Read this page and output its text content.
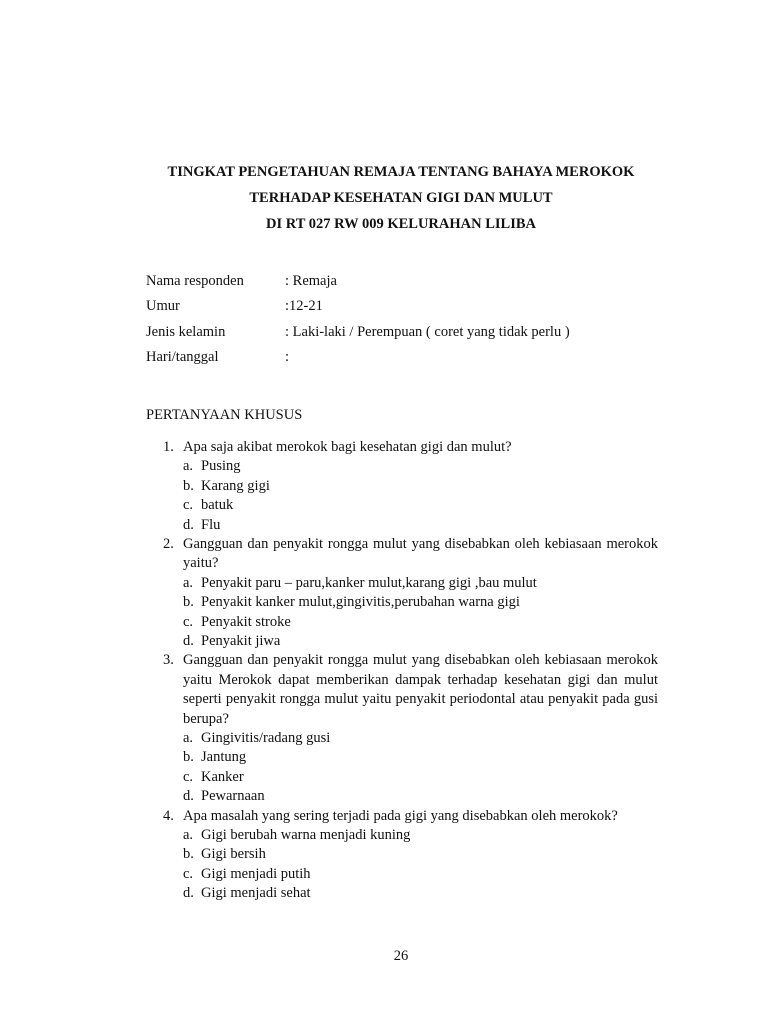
TINGKAT PENGETAHUAN REMAJA TENTANG BAHAYA MEROKOK
TERHADAP KESEHATAN GIGI DAN MULUT
DI RT 027 RW 009 KELURAHAN LILIBA
Nama responden	: Remaja
Umur	:12-21
Jenis kelamin	: Laki-laki / Perempuan ( coret yang tidak perlu )
Hari/tanggal	:
PERTANYAAN KHUSUS
1. Apa saja akibat merokok bagi kesehatan gigi dan mulut?
a. Pusing
b. Karang gigi
c. batuk
d. Flu
2. Gangguan dan penyakit rongga mulut yang disebabkan oleh kebiasaan merokok yaitu?
a. Penyakit paru – paru,kanker mulut,karang gigi ,bau mulut
b. Penyakit kanker mulut,gingivitis,perubahan warna gigi
c. Penyakit stroke
d. Penyakit jiwa
3. Gangguan dan penyakit rongga mulut yang disebabkan oleh kebiasaan merokok yaitu Merokok dapat memberikan dampak terhadap kesehatan gigi dan mulut seperti penyakit rongga mulut yaitu penyakit periodontal atau penyakit pada gusi berupa?
a. Gingivitis/radang gusi
b. Jantung
c. Kanker
d. Pewarnaan
4. Apa masalah yang sering terjadi pada gigi yang disebabkan oleh merokok?
a. Gigi berubah warna menjadi kuning
b. Gigi bersih
c. Gigi menjadi putih
d. Gigi menjadi sehat
26
